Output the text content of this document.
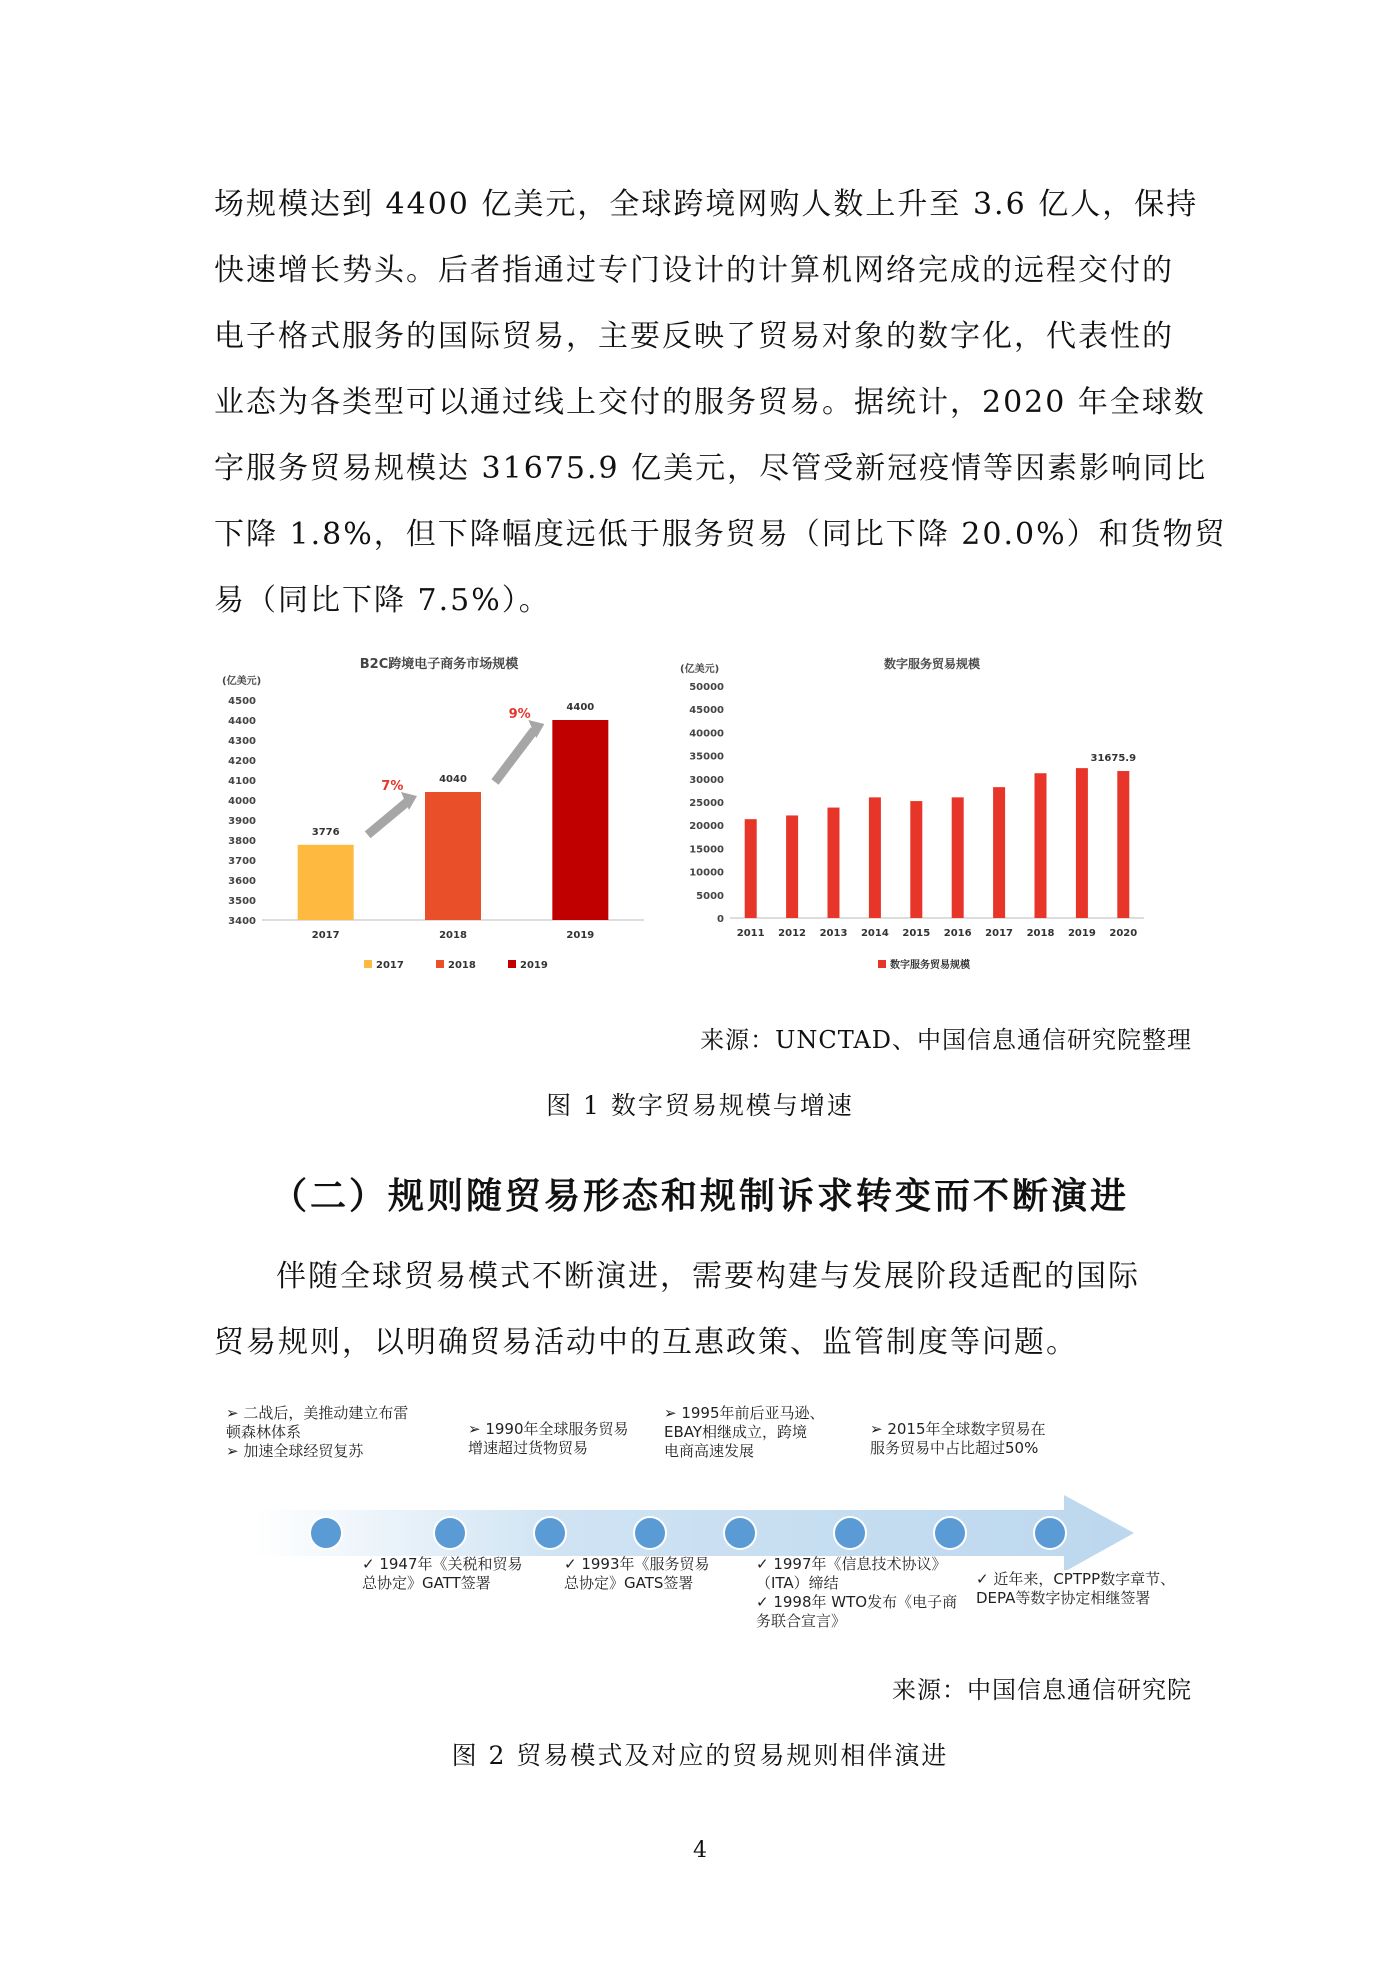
场规模达到 4400 亿美元，全球跨境网购人数上升至 3.6 亿人，保持
快速增长势头。后者指通过专门设计的计算机网络完成的远程交付的
电子格式服务的国际贸易，主要反映了贸易对象的数字化，代表性的
业态为各类型可以通过线上交付的服务贸易。据统计，2020 年全球数
字服务贸易规模达 31675.9 亿美元，尽管受新冠疫情等因素影响同比
下降 1.8%，但下降幅度远低于服务贸易（同比下降 20.0%）和货物贸
易（同比下降 7.5%）。
B2C跨境电子商务市场规模
(亿美元)
3400
3500
3600
3700
3800
3900
4000
4100
4200
4300
4400
4500
3776
2017
4040
2018
4400
2019
7%
9%
2017	2018	2019
数字服务贸易规模
(亿美元)
0
5000
10000
15000
20000
25000
30000
35000
40000
45000
50000
2011 2012 2013 2014 2015 2016 2017 2018 2019 2020
31675.9
数字服务贸易规模
来源：UNCTAD、中国信息通信研究院整理
图 1 数字贸易规模与增速
（二）规则随贸易形态和规制诉求转变而不断演进
伴随全球贸易模式不断演进，需要构建与发展阶段适配的国际
贸易规则，以明确贸易活动中的互惠政策、监管制度等问题。
➢ 二战后，美推动建立布雷
顿森林体系
➢ 加速全球经贸复苏
➢ 1990年全球服务贸易
增速超过货物贸易
➢ 1995年前后亚马逊、
EBAY相继成立，跨境
电商高速发展
➢ 2015年全球数字贸易在
服务贸易中占比超过50%
✓ 1947年《关税和贸易
总协定》GATT签署
✓ 1993年《服务贸易
总协定》GATS签署
✓ 1997年《信息技术协议》
（ITA）缔结
✓ 1998年 WTO发布《电子商
务联合宣言》
✓ 近年来，CPTPP数字章节、
DEPA等数字协定相继签署
来源：中国信息通信研究院
图 2 贸易模式及对应的贸易规则相伴演进
4
